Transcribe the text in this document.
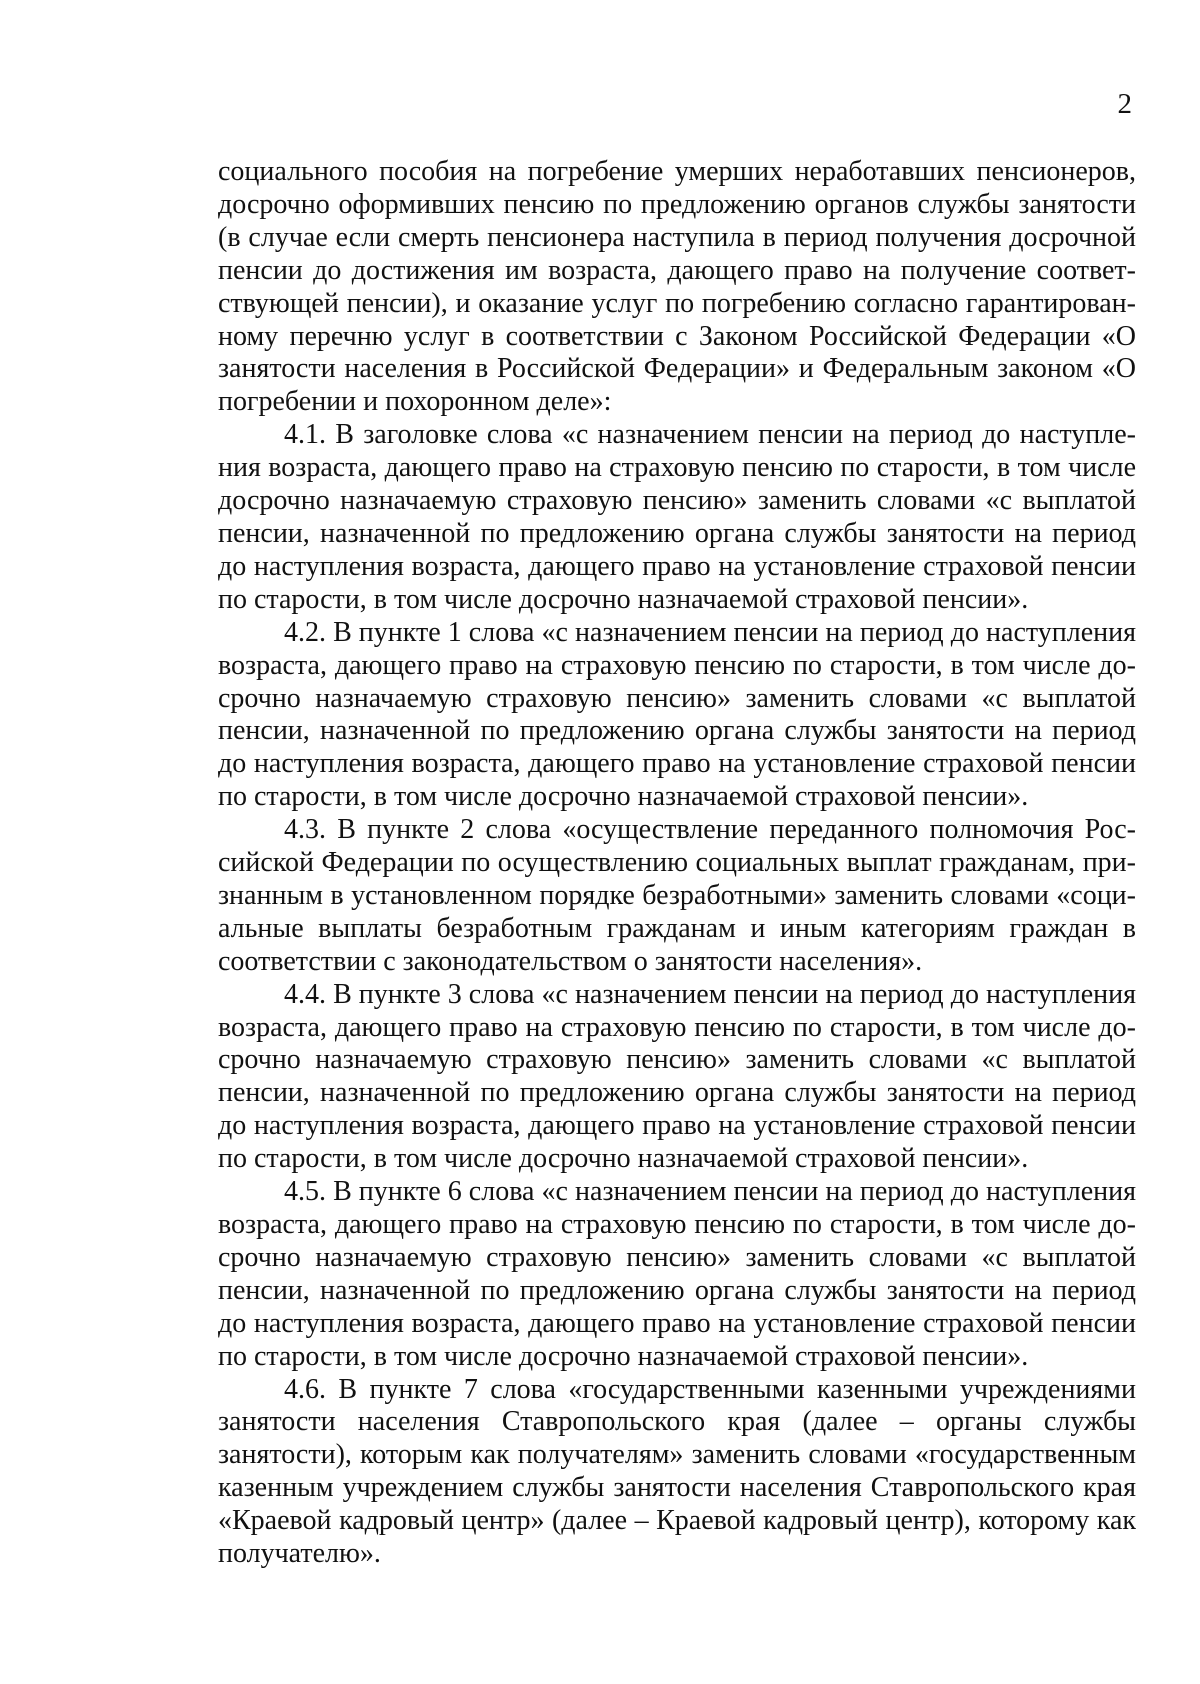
2

социального пособия на погребение умерших неработавших пенсионеров, досрочно оформивших пенсию по предложению органов службы занятости (в случае если смерть пенсионера наступила в период получения досрочной пенсии до достижения им возраста, дающего право на получение соответствующей пенсии), и оказание услуг по погребению согласно гарантированному перечню услуг в соответствии с Законом Российской Федерации «О занятости населения в Российской Федерации» и Федеральным законом «О погребении и похоронном деле»:

4.1. В заголовке слова «с назначением пенсии на период до наступления возраста, дающего право на страховую пенсию по старости, в том числе досрочно назначаемую страховую пенсию» заменить словами «с выплатой пенсии, назначенной по предложению органа службы занятости на период до наступления возраста, дающего право на установление страховой пенсии по старости, в том числе досрочно назначаемой страховой пенсии».

4.2. В пункте 1 слова «с назначением пенсии на период до наступления возраста, дающего право на страховую пенсию по старости, в том числе досрочно назначаемую страховую пенсию» заменить словами «с выплатой пенсии, назначенной по предложению органа службы занятости на период до наступления возраста, дающего право на установление страховой пенсии по старости, в том числе досрочно назначаемой страховой пенсии».

4.3. В пункте 2 слова «осуществление переданного полномочия Российской Федерации по осуществлению социальных выплат гражданам, признанным в установленном порядке безработными» заменить словами «социальные выплаты безработным гражданам и иным категориям граждан в соответствии с законодательством о занятости населения».

4.4. В пункте 3 слова «с назначением пенсии на период до наступления возраста, дающего право на страховую пенсию по старости, в том числе досрочно назначаемую страховую пенсию» заменить словами «с выплатой пенсии, назначенной по предложению органа службы занятости на период до наступления возраста, дающего право на установление страховой пенсии по старости, в том числе досрочно назначаемой страховой пенсии».

4.5. В пункте 6 слова «с назначением пенсии на период до наступления возраста, дающего право на страховую пенсию по старости, в том числе досрочно назначаемую страховую пенсию» заменить словами «с выплатой пенсии, назначенной по предложению органа службы занятости на период до наступления возраста, дающего право на установление страховой пенсии по старости, в том числе досрочно назначаемой страховой пенсии».

4.6. В пункте 7 слова «государственными казенными учреждениями занятости населения Ставропольского края (далее – органы службы занятости), которым как получателям» заменить словами «государственным казенным учреждением службы занятости населения Ставропольского края «Краевой кадровый центр» (далее – Краевой кадровый центр), которому как получателю».
